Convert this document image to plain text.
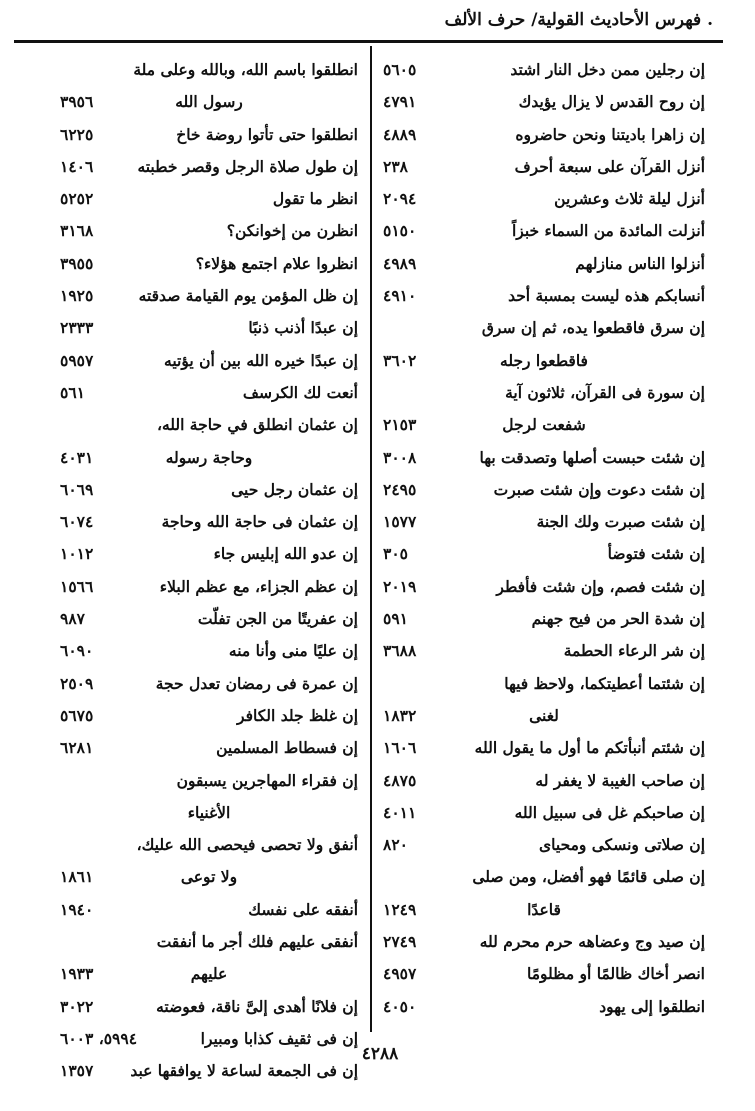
. فهرس الأحاديث القولية/ حرف الألف
إن رجلين ممن دخل النار اشتد
٥٦٠٥
إن روح القدس لا يزال يؤيدك
٤٧٩١
إن زاهرا باديتنا ونحن حاضروه
٤٨٨٩
أنزل القرآن على سبعة أحرف
٢٣٨
أنزل ليلة ثلاث وعشرين
٢٠٩٤
أنزلت المائدة من السماء خبزاً
٥١٥٠
أنزلوا الناس منازلهم
٤٩٨٩
أنسابكم هذه ليست بمسبة أحد
٤٩١٠
إن سرق فاقطعوا يده، ثم إن سرق
فاقطعوا رجله
٣٦٠٢
إن سورة فى القرآن، ثلاثون آية
شفعت لرجل
٢١٥٣
إن شئت حبست أصلها وتصدقت بها
٣٠٠٨
إن شئت دعوت وإن شئت صبرت
٢٤٩٥
إن شئت صبرت ولك الجنة
١٥٧٧
إن شئت فتوضأ
٣٠٥
إن شئت فصم، وإن شئت فأفطر
٢٠١٩
إن شدة الحر من فيح جهنم
٥٩١
إن شر الرعاء الحطمة
٣٦٨٨
إن شئتما أعطيتكما، ولاحظ فيها
لغنى
١٨٣٢
إن شئتم أنبأتكم ما أول ما يقول الله
١٦٠٦
إن صاحب الغيبة لا يغفر له
٤٨٧٥
إن صاحبكم غل فى سبيل الله
٤٠١١
إن صلاتى ونسكى ومحياى
٨٢٠
إن صلى قائمًا فهو أفضل، ومن صلى
قاعدًا
١٢٤٩
إن صيد وج وعضاهه حرم محرم لله
٢٧٤٩
انصر أخاك ظالمًا أو مظلومًا
٤٩٥٧
انطلقوا إلى يهود
٤٠٥٠
انطلقوا باسم الله، وبالله وعلى ملة
رسول الله
٣٩٥٦
انطلقوا حتى تأتوا روضة خاخ
٦٢٢٥
إن طول صلاة الرجل وقصر خطبته
١٤٠٦
انظر ما تقول
٥٢٥٢
انظرن من إخوانكن؟
٣١٦٨
انظروا علام اجتمع هؤلاء؟
٣٩٥٥
إن ظل المؤمن يوم القيامة صدقته
١٩٢٥
إن عبدًا أذنب ذنبًا
٢٣٣٣
إن عبدًا خيره الله بين أن يؤتيه
٥٩٥٧
أنعت لك الكرسف
٥٦١
إن عثمان انطلق في حاجة الله،
وحاجة رسوله
٤٠٣١
إن عثمان رجل حيى
٦٠٦٩
إن عثمان فى حاجة الله وحاجة
٦٠٧٤
إن عدو الله إبليس جاء
١٠١٢
إن عظم الجزاء، مع عظم البلاء
١٥٦٦
إن عفريتًا من الجن تفلّت
٩٨٧
إن عليًا منى وأنا منه
٦٠٩٠
إن عمرة فى رمضان تعدل حجة
٢٥٠٩
إن غلظ جلد الكافر
٥٦٧٥
إن فسطاط المسلمين
٦٢٨١
إن فقراء المهاجرين يسبقون
الأغنياء
أنفق ولا تحصى فيحصى الله عليك،
ولا توعى
١٨٦١
أنفقه على نفسك
١٩٤٠
أنفقى عليهم فلك أجر ما أنفقت
عليهم
١٩٣٣
إن فلانًا أهدى إلىَّ ناقة، فعوضته
٣٠٢٢
إن فى ثقيف كذابا ومبيرا
٥٩٩٤، ٦٠٠٣
إن فى الجمعة لساعة لا يوافقها عبد
١٣٥٧
٤٢٨٨
